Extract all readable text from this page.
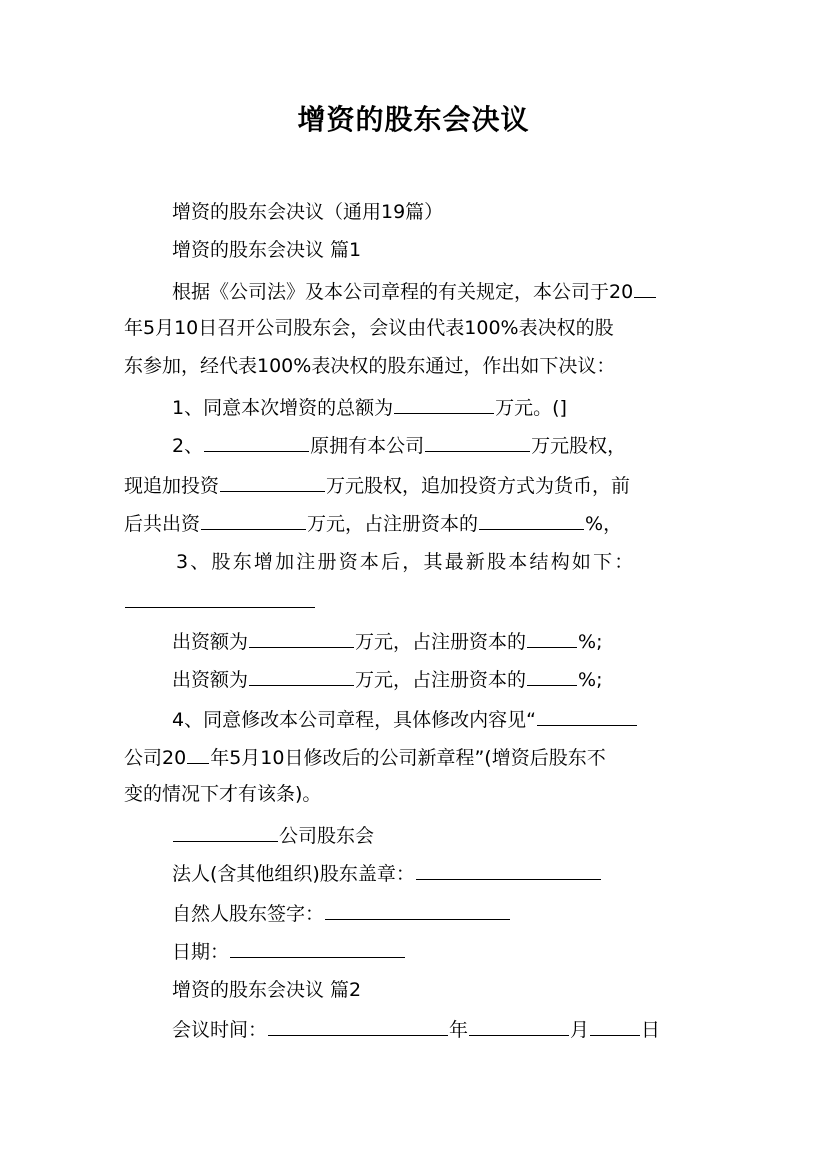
增资的股东会决议
增资的股东会决议（通用19篇）
增资的股东会决议 篇1
根据《公司法》及本公司章程的有关规定，本公司于20
年5月10日召开公司股东会，会议由代表100%表决权的股
东参加，经代表100%表决权的股东通过，作出如下决议：
1、同意本次增资的总额为	万元。(]
2、	原拥有本公司	万元股权，
现追加投资	万元股权，追加投资方式为货币，前
后共出资	万元，占注册资本的	%，
3、股东增加注册资本后，其最新股本结构如下：
出资额为	万元，占注册资本的	%;
出资额为	万元，占注册资本的	%;
4、同意修改本公司章程，具体修改内容见“
公司20 年5月10日修改后的公司新章程”(增资后股东不
变的情况下才有该条)。
公司股东会
法人(含其他组织)股东盖章：
自然人股东签字：
日期：
增资的股东会决议 篇2
会议时间：	年	月	日
